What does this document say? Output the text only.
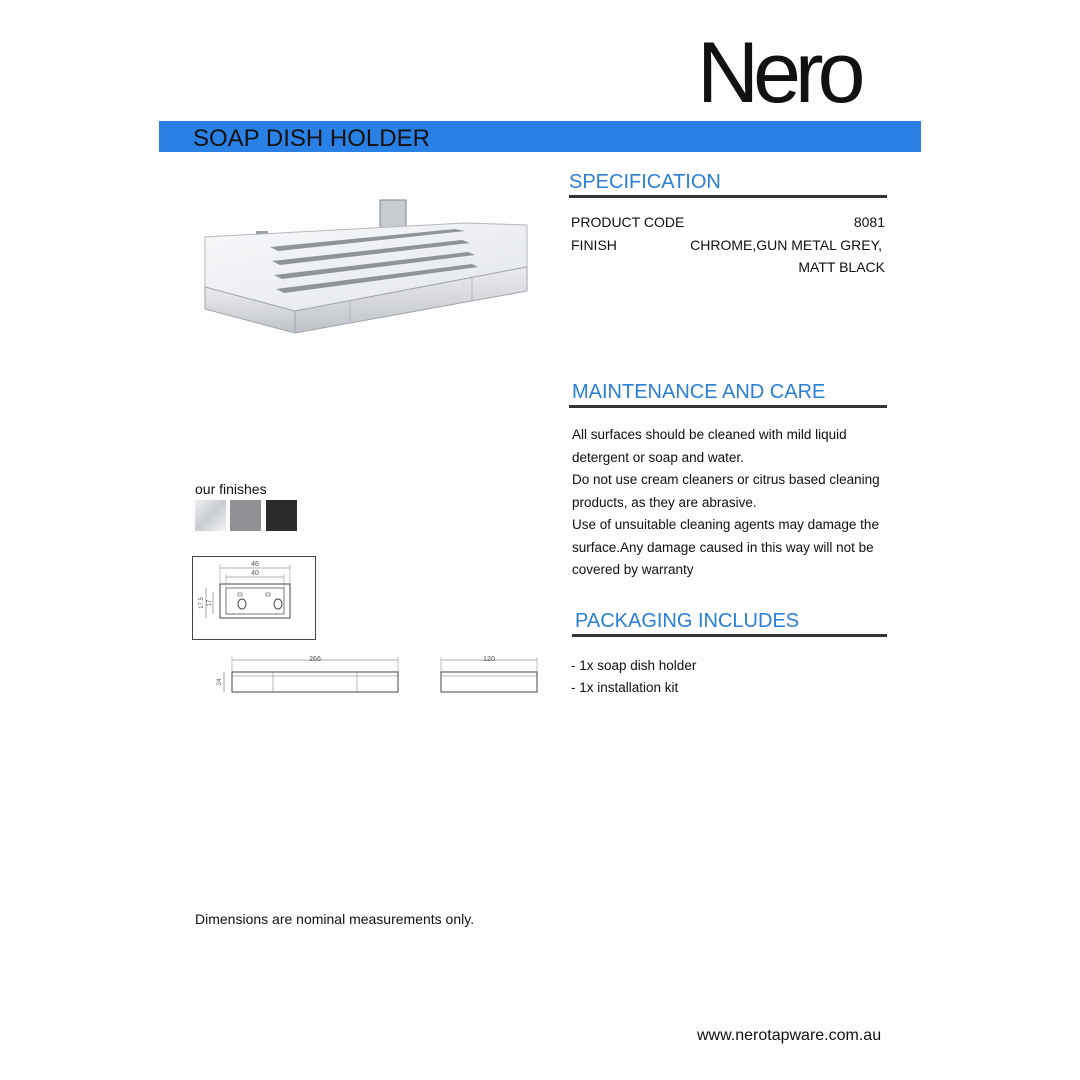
Nero
SOAP DISH HOLDER
SPECIFICATION
PRODUCT CODE	8081
FINISH	CHROME,GUN METAL GREY,
MATT BLACK
MAINTENANCE AND CARE

All surfaces should be cleaned with mild liquid

detergent or soap and water.

Do not use cream cleaners or citrus based cleaning

products, as they are abrasive.

Use of unsuitable cleaning agents may damage the

surface.Any damage caused in this way will not be

covered by warranty

PACKAGING INCLUDES
- 1x soap dish holder
- 1x installation kit
our finishes
46
40
17.5 17
266
24
120
Dimensions are nominal measurements only.
www.nerotapware.com.au
